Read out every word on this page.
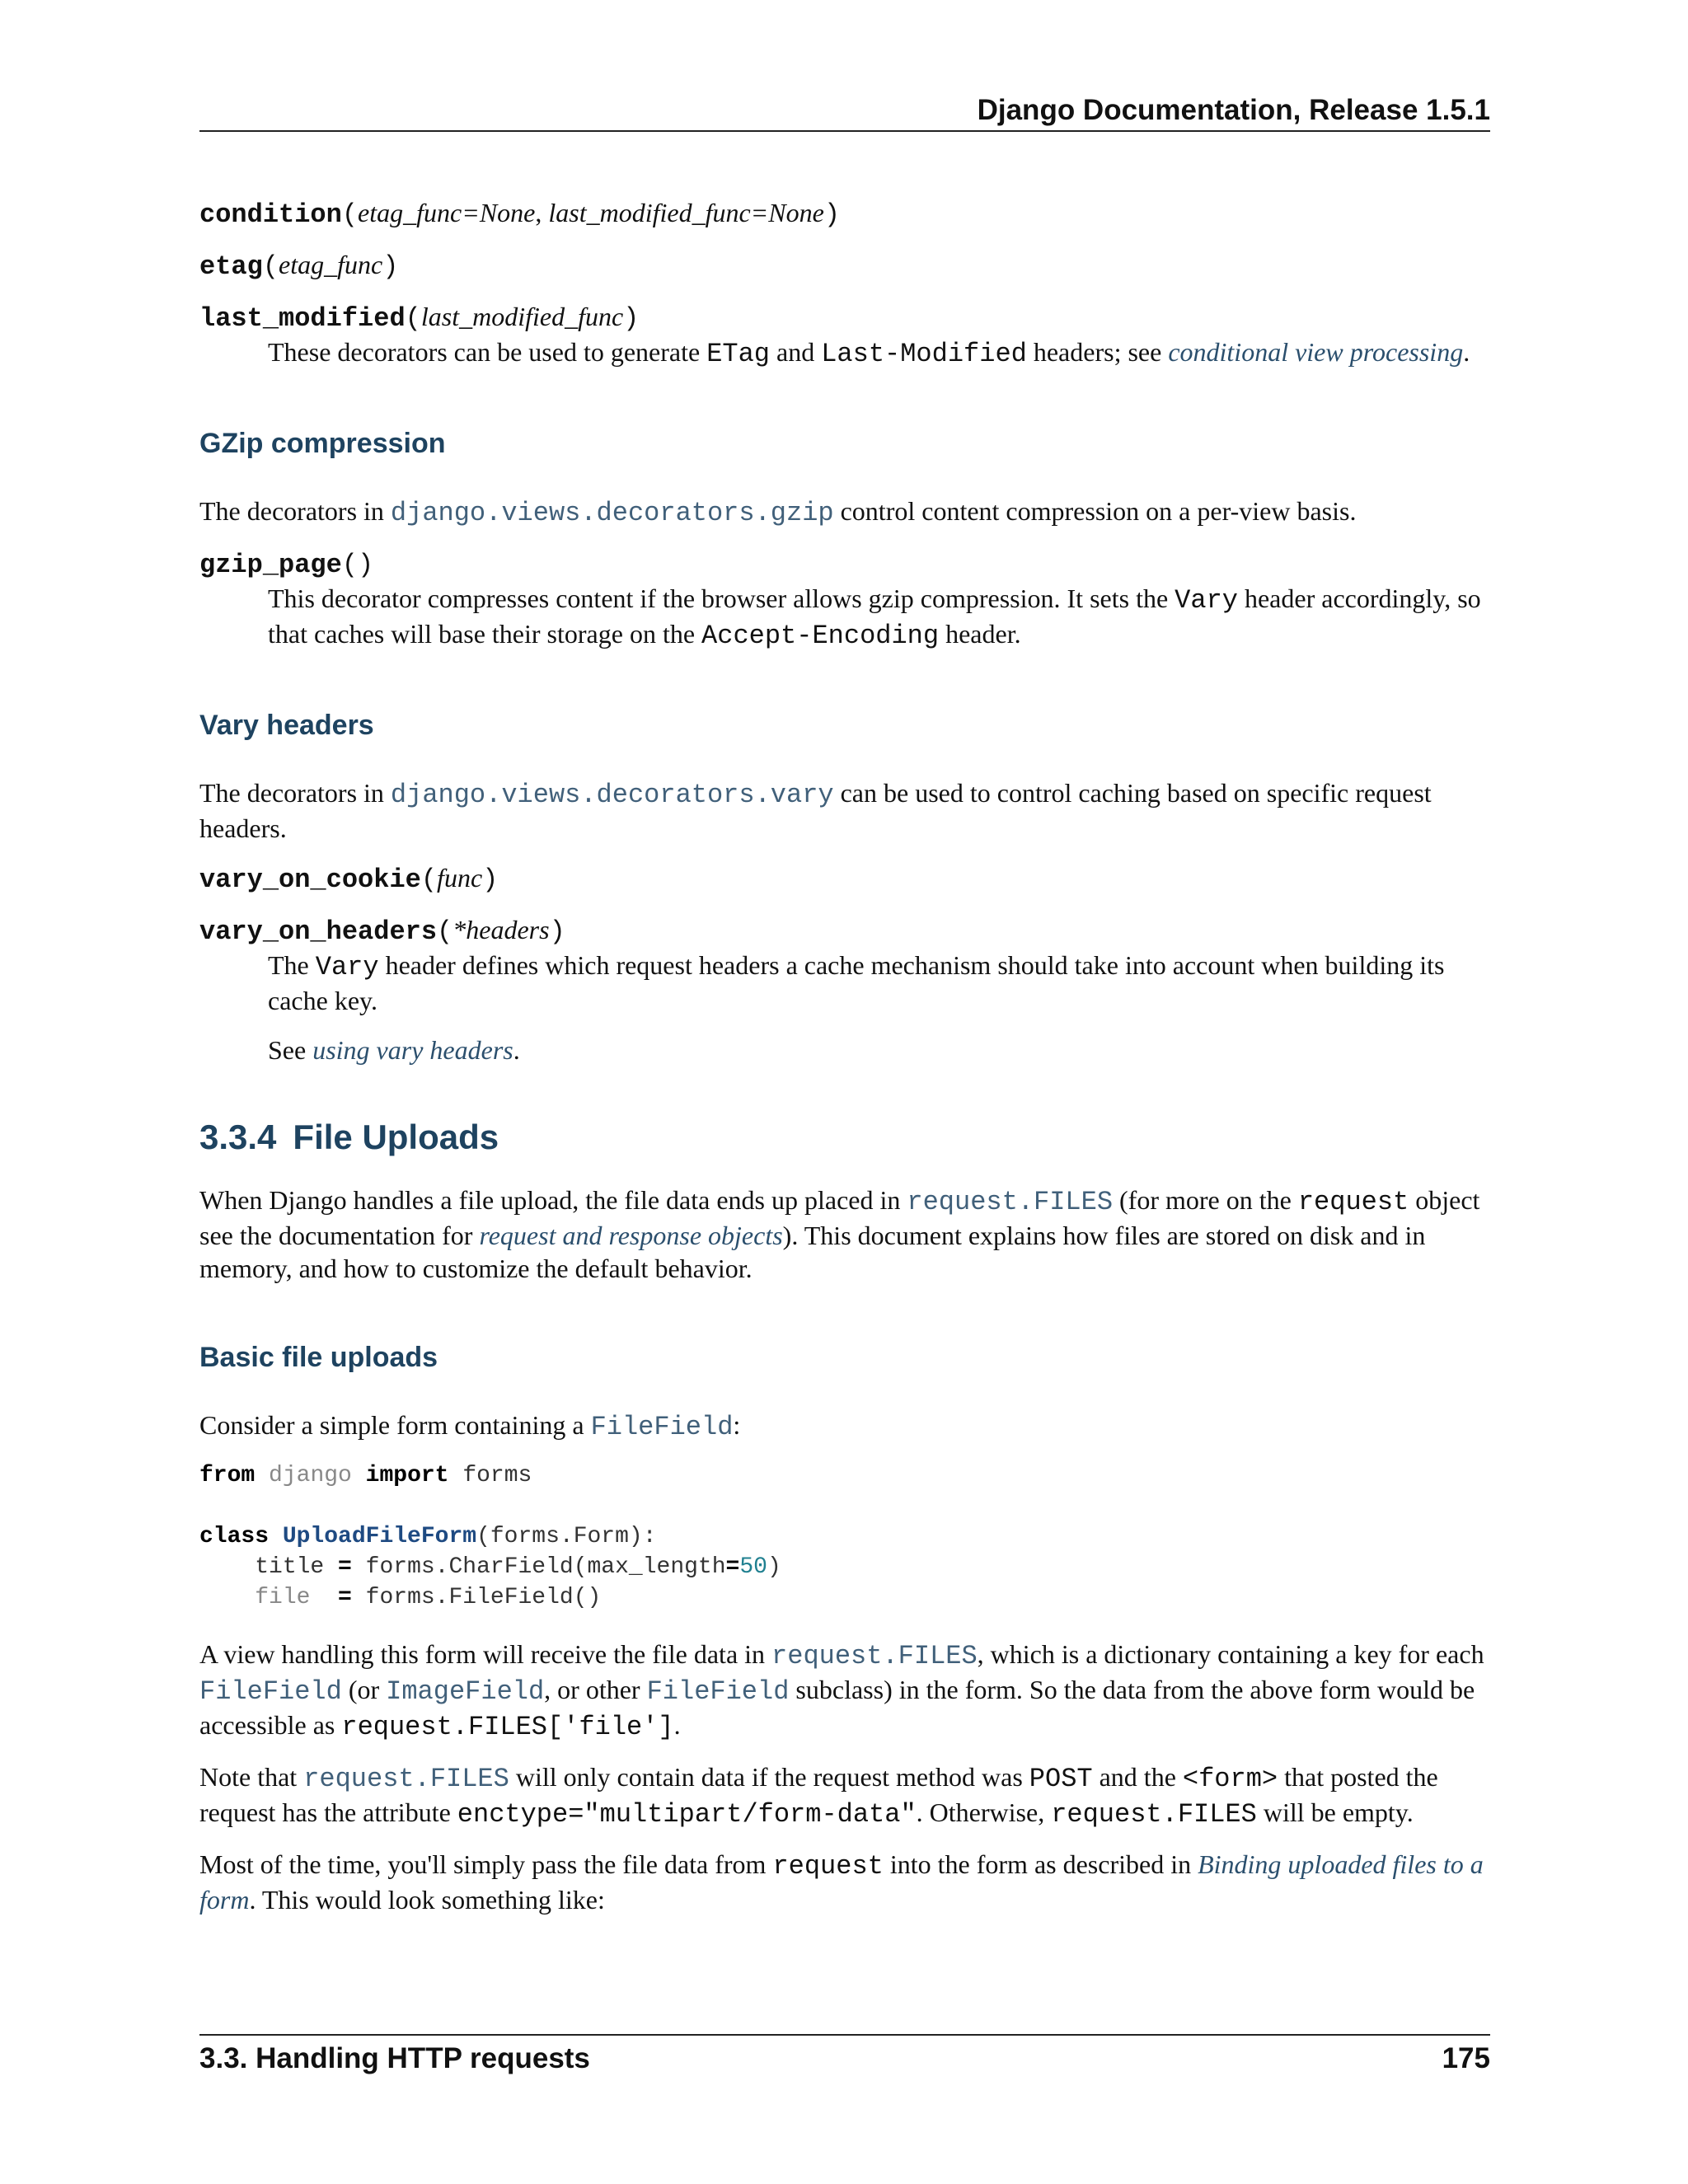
Django Documentation, Release 1.5.1

condition(etag_func=None, last_modified_func=None)

etag(etag_func)

last_modified(last_modified_func)

These decorators can be used to generate ETag and Last-Modified headers; see conditional view processing.

GZip compression

The decorators in django.views.decorators.gzip control content compression on a per-view basis.

gzip_page()

This decorator compresses content if the browser allows gzip compression. It sets the Vary header accordingly, so that caches will base their storage on the Accept-Encoding header.

Vary headers

The decorators in django.views.decorators.vary can be used to control caching based on specific request headers.

vary_on_cookie(func)

vary_on_headers(*headers)

The Vary header defines which request headers a cache mechanism should take into account when building its cache key.

See using vary headers.

3.3.4 File Uploads

When Django handles a file upload, the file data ends up placed in request.FILES (for more on the request object see the documentation for request and response objects). This document explains how files are stored on disk and in memory, and how to customize the default behavior.

Basic file uploads

Consider a simple form containing a FileField:

from django import forms

class UploadFileForm(forms.Form):
title = forms.CharField(max_length=50)
file = forms.FileField()

A view handling this form will receive the file data in request.FILES, which is a dictionary containing a key for each FileField (or ImageField, or other FileField subclass) in the form. So the data from the above form would be accessible as request.FILES['file'].

Note that request.FILES will only contain data if the request method was POST and the <form> that posted the request has the attribute enctype="multipart/form-data". Otherwise, request.FILES will be empty.

Most of the time, you'll simply pass the file data from request into the form as described in Binding uploaded files to a form. This would look something like:

3.3. Handling HTTP requests	175
